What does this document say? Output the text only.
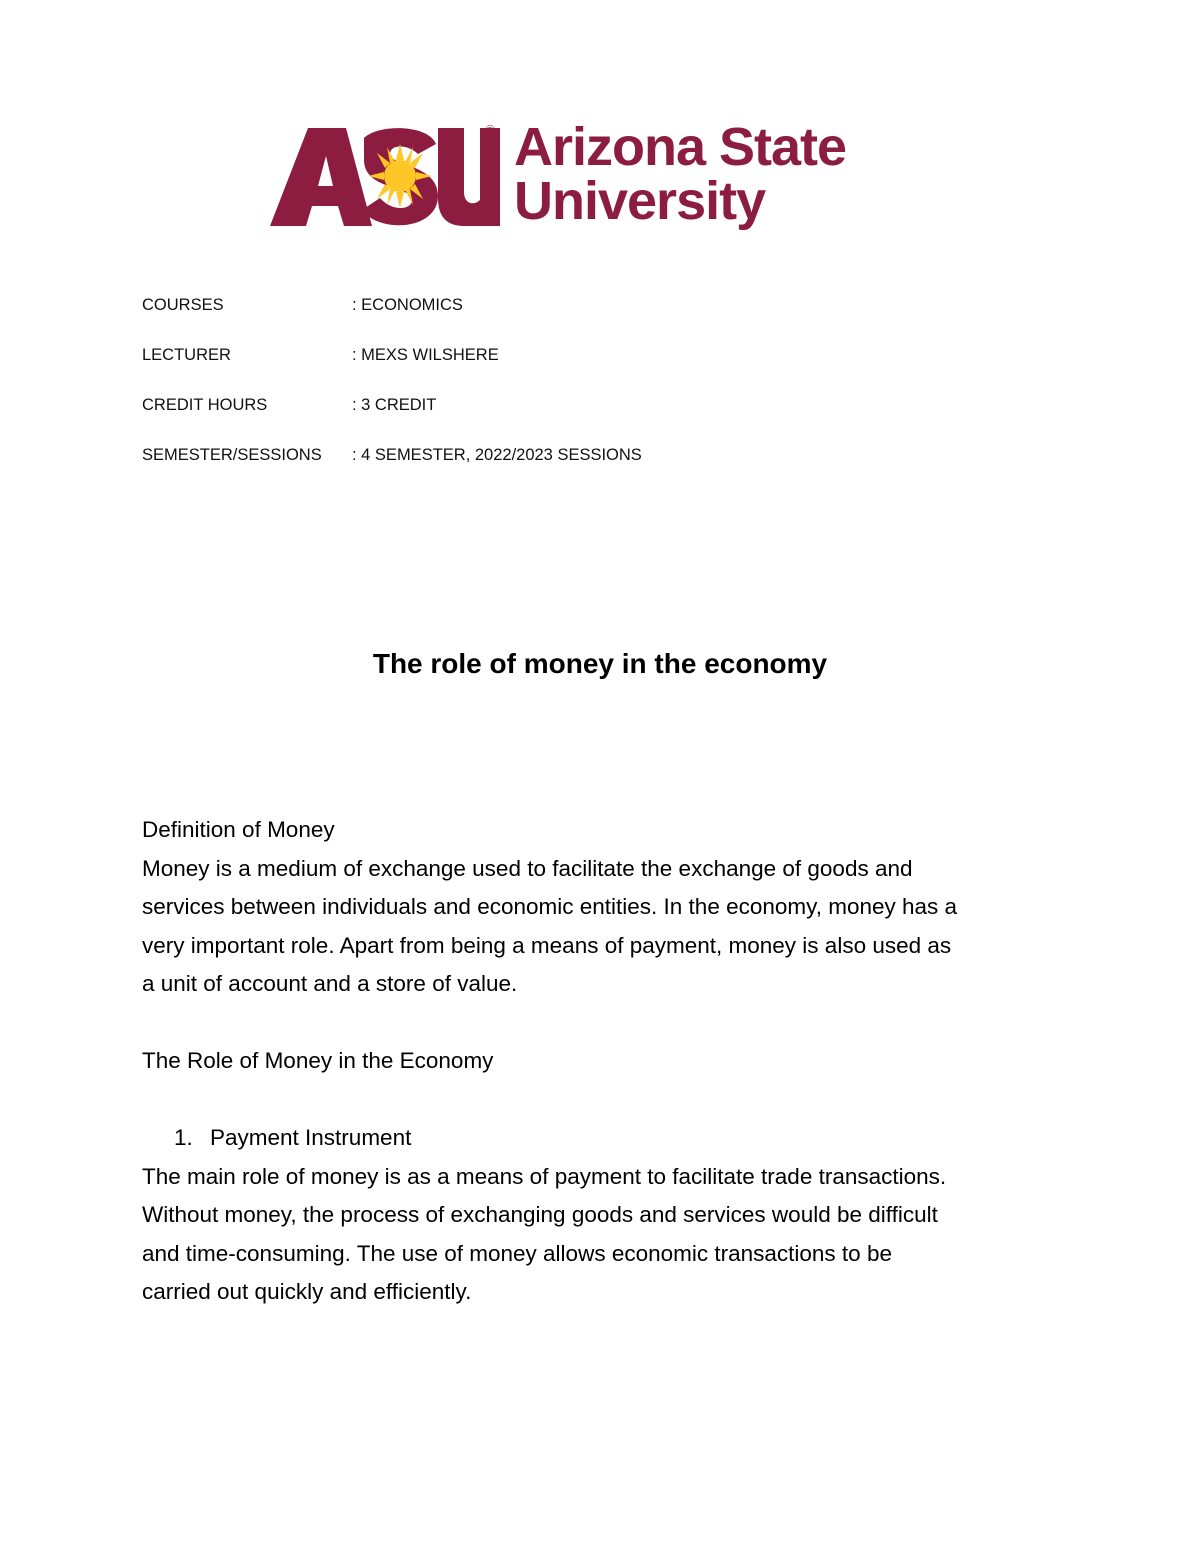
® Arizona State
University
COURSES	: ECONOMICS
LECTURER	: MEXS WILSHERE
CREDIT HOURS	: 3 CREDIT
SEMESTER/SESSIONS : 4 SEMESTER, 2022/2023 SESSIONS
The role of money in the economy

Definition of Money

Money is a medium of exchange used to facilitate the exchange of goods and

services between individuals and economic entities. In the economy, money has a

very important role. Apart from being a means of payment, money is also used as

a unit of account and a store of value.

The Role of Money in the Economy

1. Payment Instrument

The main role of money is as a means of payment to facilitate trade transactions.

Without money, the process of exchanging goods and services would be difficult

and time-consuming. The use of money allows economic transactions to be

carried out quickly and efficiently.
